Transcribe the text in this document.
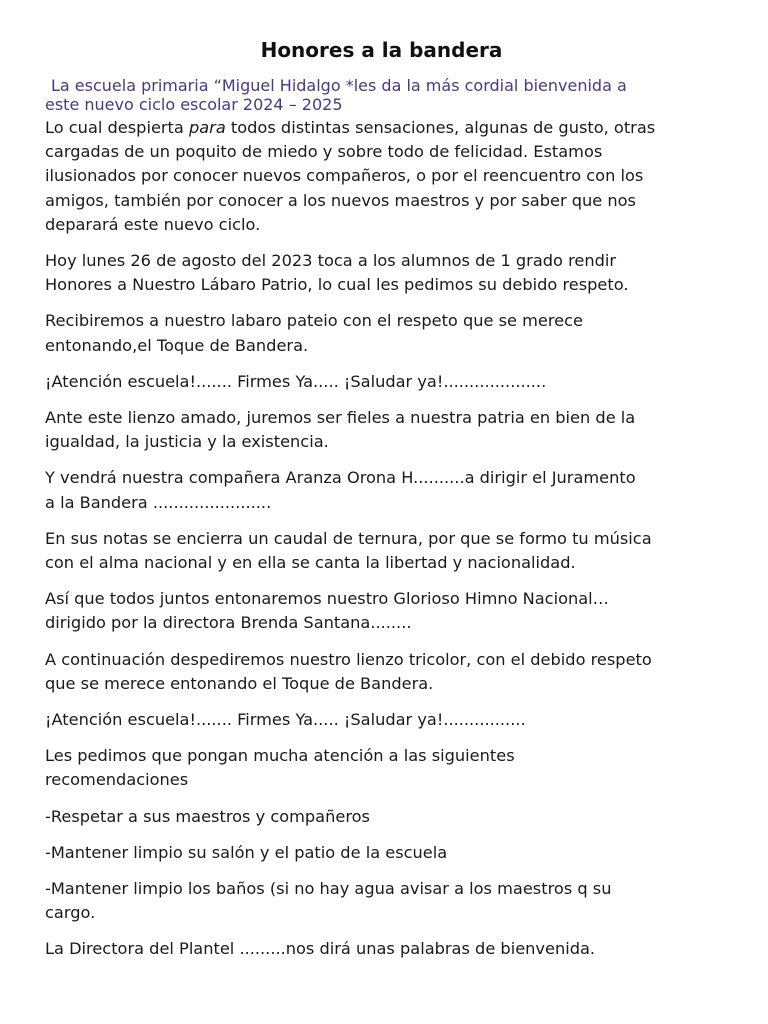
Honores a la bandera
La escuela primaria “Miguel Hidalgo *les da la más cordial bienvenida a
este nuevo ciclo escolar 2024 – 2025

Lo cual despierta para todos distintas sensaciones, algunas de gusto, otras
cargadas de un poquito de miedo y sobre todo de felicidad. Estamos
ilusionados por conocer nuevos compañeros, o por el reencuentro con los
amigos, también por conocer a los nuevos maestros y por saber que nos
deparará este nuevo ciclo.

Hoy lunes 26 de agosto del 2023 toca a los alumnos de 1 grado rendir
Honores a Nuestro Lábaro Patrio, lo cual les pedimos su debido respeto.

Recibiremos a nuestro labaro pateio con el respeto que se merece
entonando,el Toque de Bandera.

¡Atención escuela!....... Firmes Ya..... ¡Saludar ya!....................

Ante este lienzo amado, juremos ser fieles a nuestra patria en bien de la
igualdad, la justicia y la existencia.

Y vendrá nuestra compañera Aranza Orona H..........a dirigir el Juramento
a la Bandera .......................

En sus notas se encierra un caudal de ternura, por que se formo tu música
con el alma nacional y en ella se canta la libertad y nacionalidad.

Así que todos juntos entonaremos nuestro Glorioso Himno Nacional…
dirigido por la directora Brenda Santana........

A continuación despediremos nuestro lienzo tricolor, con el debido respeto
que se merece entonando el Toque de Bandera.

¡Atención escuela!....... Firmes Ya..... ¡Saludar ya!................

Les pedimos que pongan mucha atención a las siguientes
recomendaciones

-Respetar a sus maestros y compañeros

-Mantener limpio su salón y el patio de la escuela

-Mantener limpio los baños (si no hay agua avisar a los maestros q su
cargo.

La Directora del Plantel .........nos dirá unas palabras de bienvenida.
